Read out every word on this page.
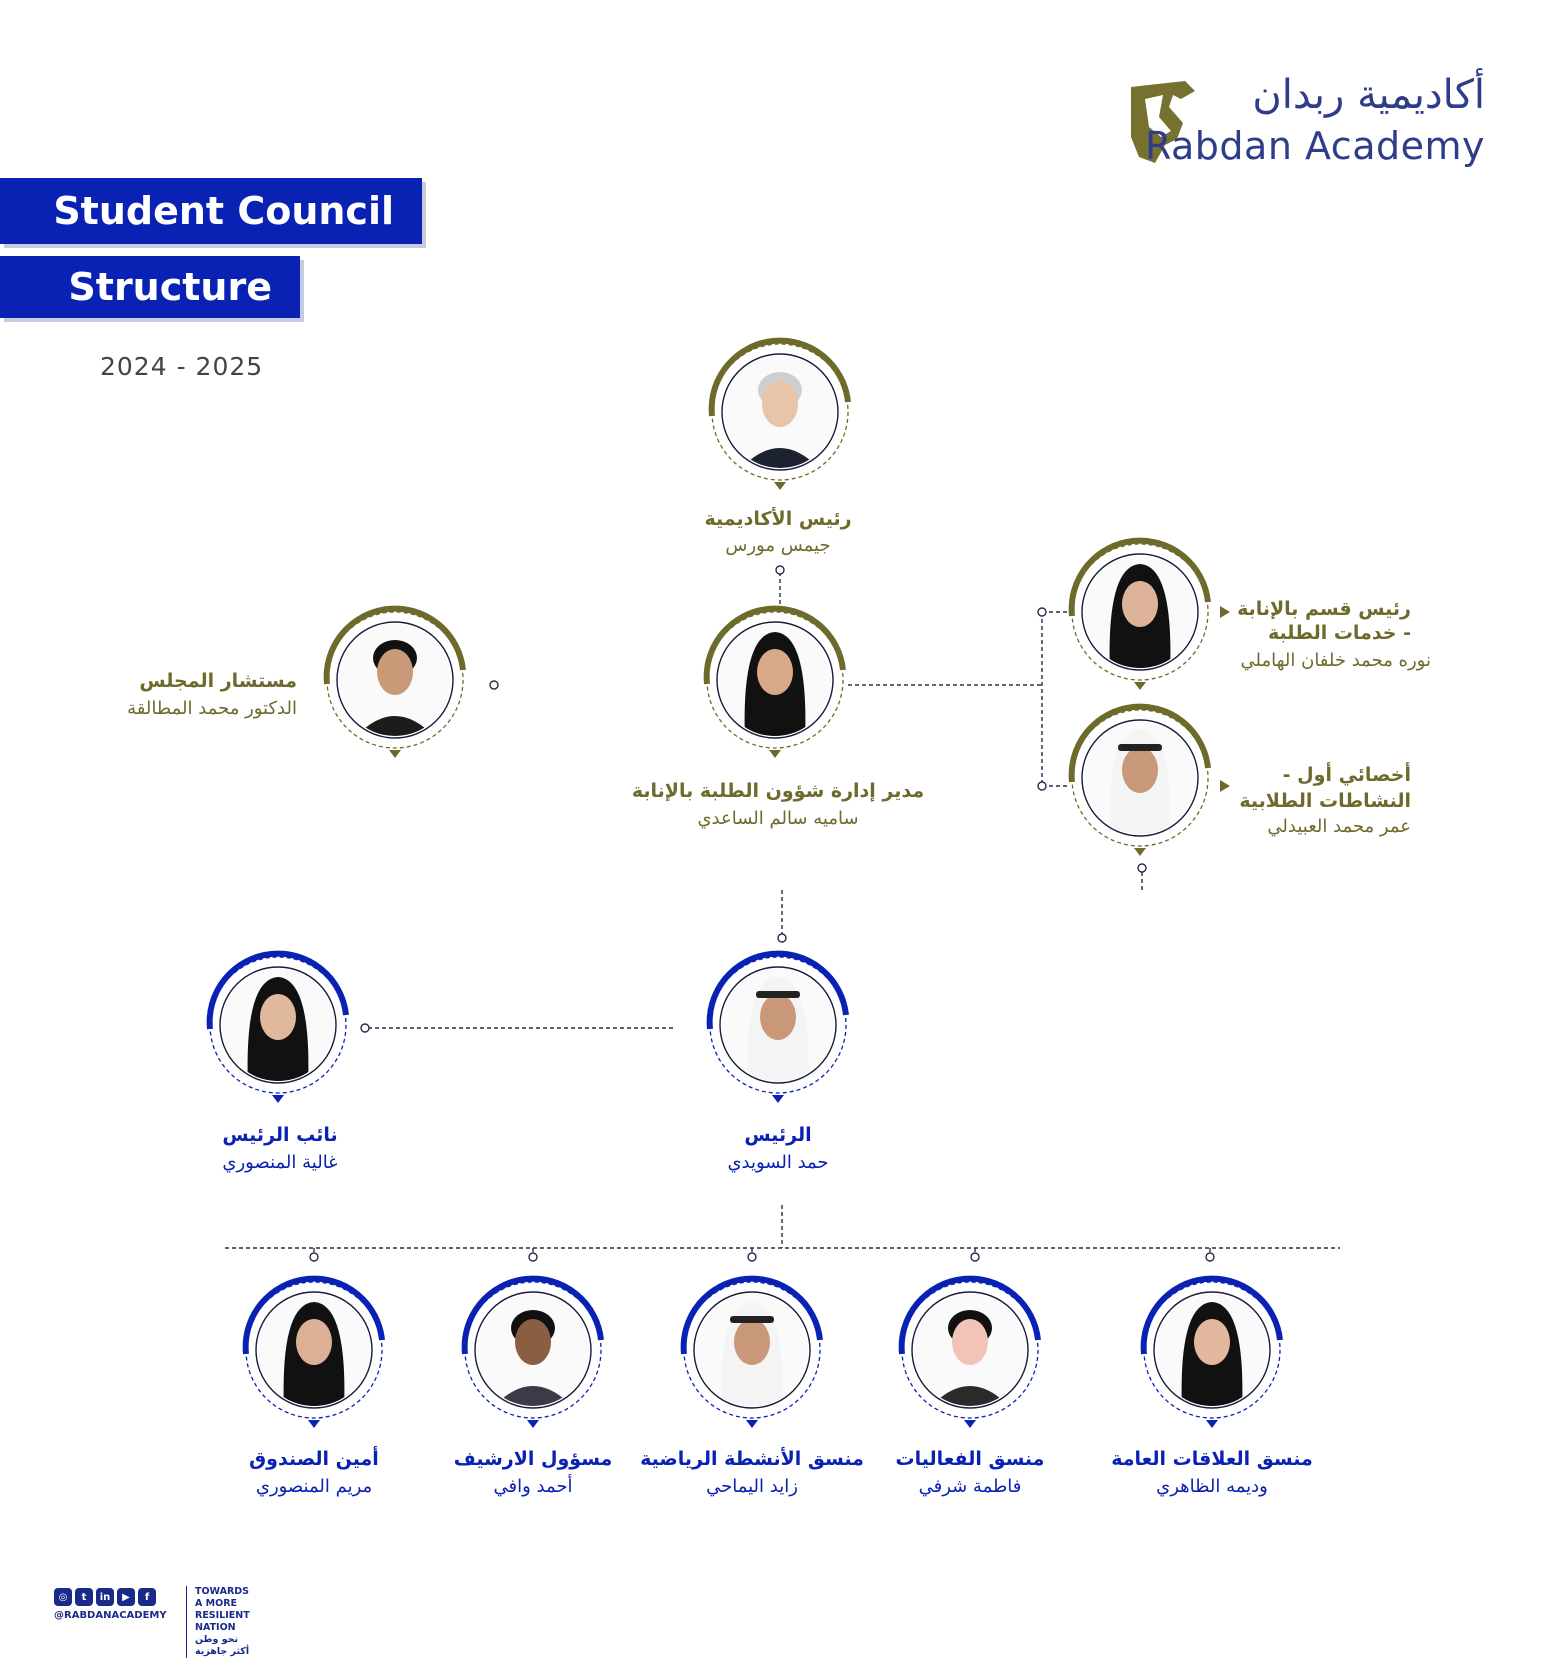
أكاديمية ربدان
Rabdan Academy
Student Council
Structure
2024 - 2025
رئيس الأكاديمية
جيمس مورس
مدير إدارة شؤون الطلبة بالإنابة
ساميه سالم الساعدي
مستشار المجلس
الدكتور محمد المطالقة
رئيس قسم بالإنابة
- خدمات الطلبة
نوره محمد خلفان الهاملي
أخصائي أول -
النشاطات الطلابية
عمر محمد العبيدلي
الرئيس
حمد السويدي
نائب الرئيس
غالية المنصوري
أمين الصندوق
مريم المنصوري
مسؤول الارشيف
أحمد وافي
منسق الأنشطة الرياضية
زايد اليماحي
منسق الفعاليات
فاطمة شرفي
منسق العلاقات العامة
وديمه الظاهري
◎	t	in	▶	f
@RABDANACADEMY
TOWARDS A MORE
RESILIENT NATION
نحو وطن أكثر جاهزية
